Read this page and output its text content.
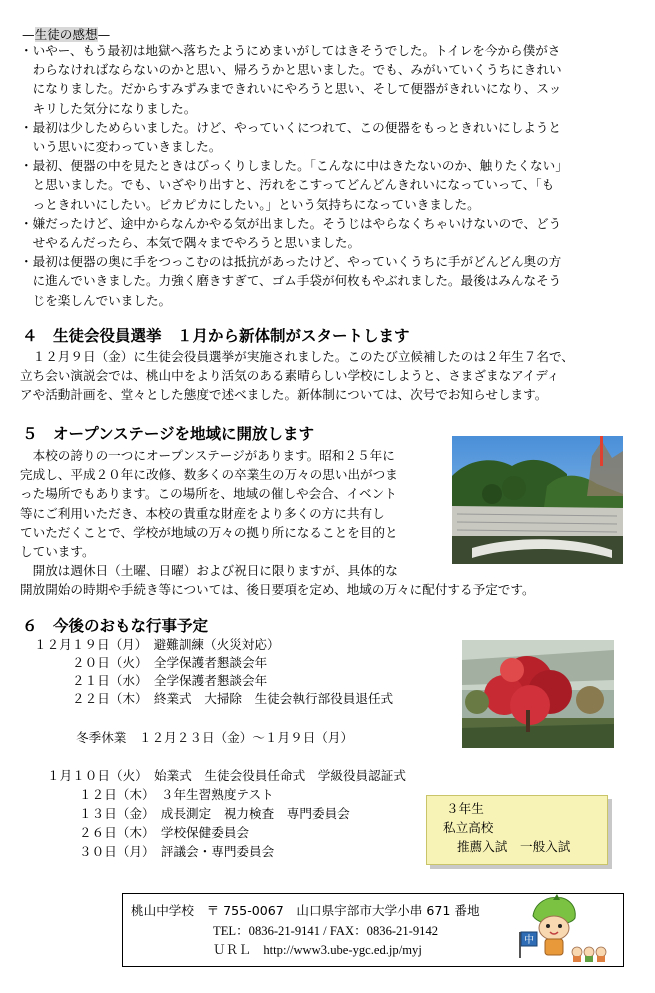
—生徒の感想—
・いやー、もう最初は地獄へ落ちたようにめまいがしてはきそうでした。トイレを今から僕がさ
　わらなければならないのかと思い、帰ろうかと思いました。でも、みがいていくうちにきれい
　になりました。だからすみずみまできれいにやろうと思い、そして便器がきれいになり、スッ
　キリした気分になりました。
・最初は少しためらいました。けど、やっていくにつれて、この便器をもっときれいにしようと
　いう思いに変わっていきました。
・最初、便器の中を見たときはびっくりしました。「こんなに中はきたないのか、触りたくない」
　と思いました。でも、いざやり出すと、汚れをこすってどんどんきれいになっていって、「も
　っときれいにしたい。ピカピカにしたい。」という気持ちになっていきました。
・嫌だったけど、途中からなんかやる気が出ました。そうじはやらなくちゃいけないので、どう
　せやるんだったら、本気で隅々までやろうと思いました。
・最初は便器の奥に手をつっこむのは抵抗があったけど、やっていくうちに手がどんどん奥の方
　に進んでいきました。力強く磨きすぎて、ゴム手袋が何枚もやぶれました。最後はみんなそう
　じを楽しんでいました。
４　生徒会役員選挙　１月から新体制がスタートします
　１２月９日（金）に生徒会役員選挙が実施されました。このたび立候補したのは２年生７名で、
立ち会い演説会では、桃山中をより活気のある素晴らしい学校にしようと、さまざまなアイディ
アや活動計画を、堂々とした態度で述べました。新体制については、次号でお知らせします。
５　オープンステージを地域に開放します
　本校の誇りの一つにオープンステージがあります。昭和２５年に
完成し、平成２０年に改修、数多くの卒業生の万々の思い出がつま
った場所でもあります。この場所を、地域の催しや会合、イベント
等にご利用いただき、本校の貴重な財産をより多くの方に共有し
ていただくことで、学校が地域の万々の拠り所になることを目的と
しています。
　開放は週休日（土曜、日曜）および祝日に限りますが、具体的な
開放開始の時期や手続き等については、後日要項を定め、地域の万々に配付する予定です。
６　今後のおもな行事予定
１２月１９日（月）　避難訓練（火災対応）
２０日（火）　全学保護者懇談会年
２１日（水）　全学保護者懇談会年
２２日（木）　終業式　大掃除　生徒会執行部役員退任式
冬季休業　１２月２３日（金）～１月９日（月）
１月１０日（火）　始業式　生徒会役員任命式　学級役員認証式
１２日（木）　３年生習熟度テスト
１３日（金）　成長測定　視力検査　専門委員会
２６日（木）　学校保健委員会
３０日（月）　評議会・専門委員会
３年生
私立高校
推薦入試　一般入試
桃山中学校　〒 755-0067　山口県宇部市大学小串 671 番地
TEL：0836-21-9141 / FAX：0836-21-9142
ＵＲＬ　http://www3.ube-ygc.ed.jp/myj
中
